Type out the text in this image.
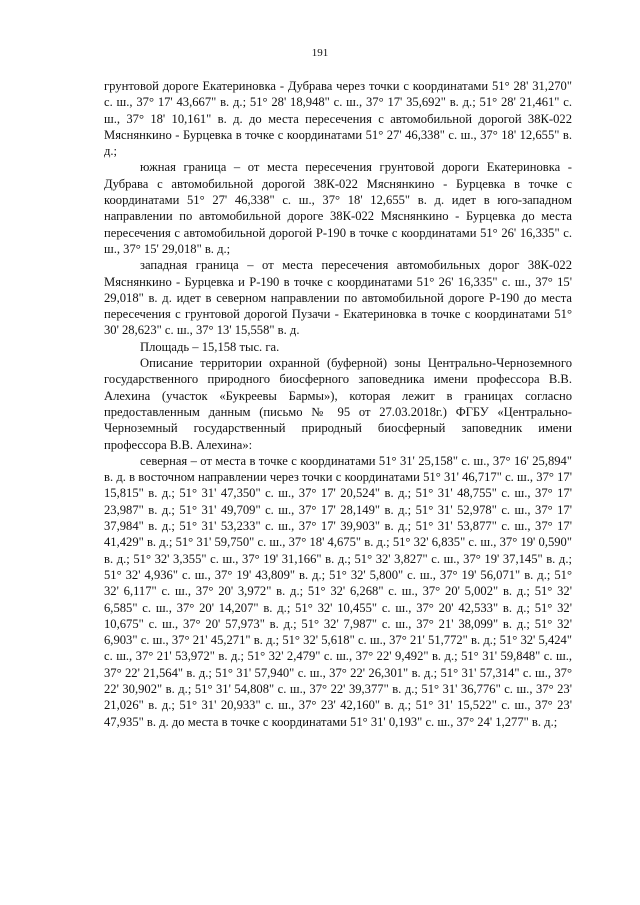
191

грунтовой дороге Екатериновка - Дубрава через точки с координатами 51° 28' 31,270" с. ш., 37° 17' 43,667" в. д.; 51° 28' 18,948" с. ш., 37° 17' 35,692" в. д.; 51° 28' 21,461" с. ш., 37° 18' 10,161" в. д. до места пересечения с автомобильной дорогой 38К-022 Мяснянкино - Бурцевка в точке с координатами 51° 27' 46,338" с. ш., 37° 18' 12,655" в. д.;

южная граница – от места пересечения грунтовой дороги Екатериновка - Дубрава с автомобильной дорогой 38К-022 Мяснянкино - Бурцевка в точке с координатами 51° 27' 46,338" с. ш., 37° 18' 12,655" в. д. идет в юго-западном направлении по автомобильной дороге 38К-022 Мяснянкино - Бурцевка до места пересечения с автомобильной дорогой Р-190 в точке с координатами 51° 26' 16,335" с. ш., 37° 15' 29,018" в. д.;

западная граница – от места пересечения автомобильных дорог 38К-022 Мяснянкино - Бурцевка и Р-190 в точке с координатами 51° 26' 16,335" с. ш., 37° 15' 29,018" в. д. идет в северном направлении по автомобильной дороге Р-190 до места пересечения с грунтовой дорогой Пузачи - Екатериновка в точке с координатами 51° 30' 28,623" с. ш., 37° 13' 15,558" в. д.

Площадь – 15,158 тыс. га.

Описание территории охранной (буферной) зоны Центрально-Черноземного государственного природного биосферного заповедника имени профессора В.В. Алехина (участок «Букреевы Бармы»), которая лежит в границах согласно предоставленным данным (письмо № 95 от 27.03.2018г.) ФГБУ «Центрально-Черноземный государственный природный биосферный заповедник имени профессора В.В. Алехина»:

северная – от места в точке с координатами 51° 31' 25,158" с. ш., 37° 16' 25,894" в. д. в восточном направлении через точки с координатами 51° 31' 46,717" с. ш., 37° 17' 15,815" в. д.; 51° 31' 47,350" с. ш., 37° 17' 20,524" в. д.; 51° 31' 48,755" с. ш., 37° 17' 23,987" в. д.; 51° 31' 49,709" с. ш., 37° 17' 28,149" в. д.; 51° 31' 52,978" с. ш., 37° 17' 37,984" в. д.; 51° 31' 53,233" с. ш., 37° 17' 39,903" в. д.; 51° 31' 53,877" с. ш., 37° 17' 41,429" в. д.; 51° 31' 59,750" с. ш., 37° 18' 4,675" в. д.; 51° 32' 6,835" с. ш., 37° 19' 0,590" в. д.; 51° 32' 3,355" с. ш., 37° 19' 31,166" в. д.; 51° 32' 3,827" с. ш., 37° 19' 37,145" в. д.; 51° 32' 4,936" с. ш., 37° 19' 43,809" в. д.; 51° 32' 5,800" с. ш., 37° 19' 56,071" в. д.; 51° 32' 6,117" с. ш., 37° 20' 3,972" в. д.; 51° 32' 6,268" с. ш., 37° 20' 5,002" в. д.; 51° 32' 6,585" с. ш., 37° 20' 14,207" в. д.; 51° 32' 10,455" с. ш., 37° 20' 42,533" в. д.; 51° 32' 10,675" с. ш., 37° 20' 57,973" в. д.; 51° 32' 7,987" с. ш., 37° 21' 38,099" в. д.; 51° 32' 6,903" с. ш., 37° 21' 45,271" в. д.; 51° 32' 5,618" с. ш., 37° 21' 51,772" в. д.; 51° 32' 5,424" с. ш., 37° 21' 53,972" в. д.; 51° 32' 2,479" с. ш., 37° 22' 9,492" в. д.; 51° 31' 59,848" с. ш., 37° 22' 21,564" в. д.; 51° 31' 57,940" с. ш., 37° 22' 26,301" в. д.; 51° 31' 57,314" с. ш., 37° 22' 30,902" в. д.; 51° 31' 54,808" с. ш., 37° 22' 39,377" в. д.; 51° 31' 36,776" с. ш., 37° 23' 21,026" в. д.; 51° 31' 20,933" с. ш., 37° 23' 42,160" в. д.; 51° 31' 15,522" с. ш., 37° 23' 47,935" в. д. до места в точке с координатами 51° 31' 0,193" с. ш., 37° 24' 1,277" в. д.;
